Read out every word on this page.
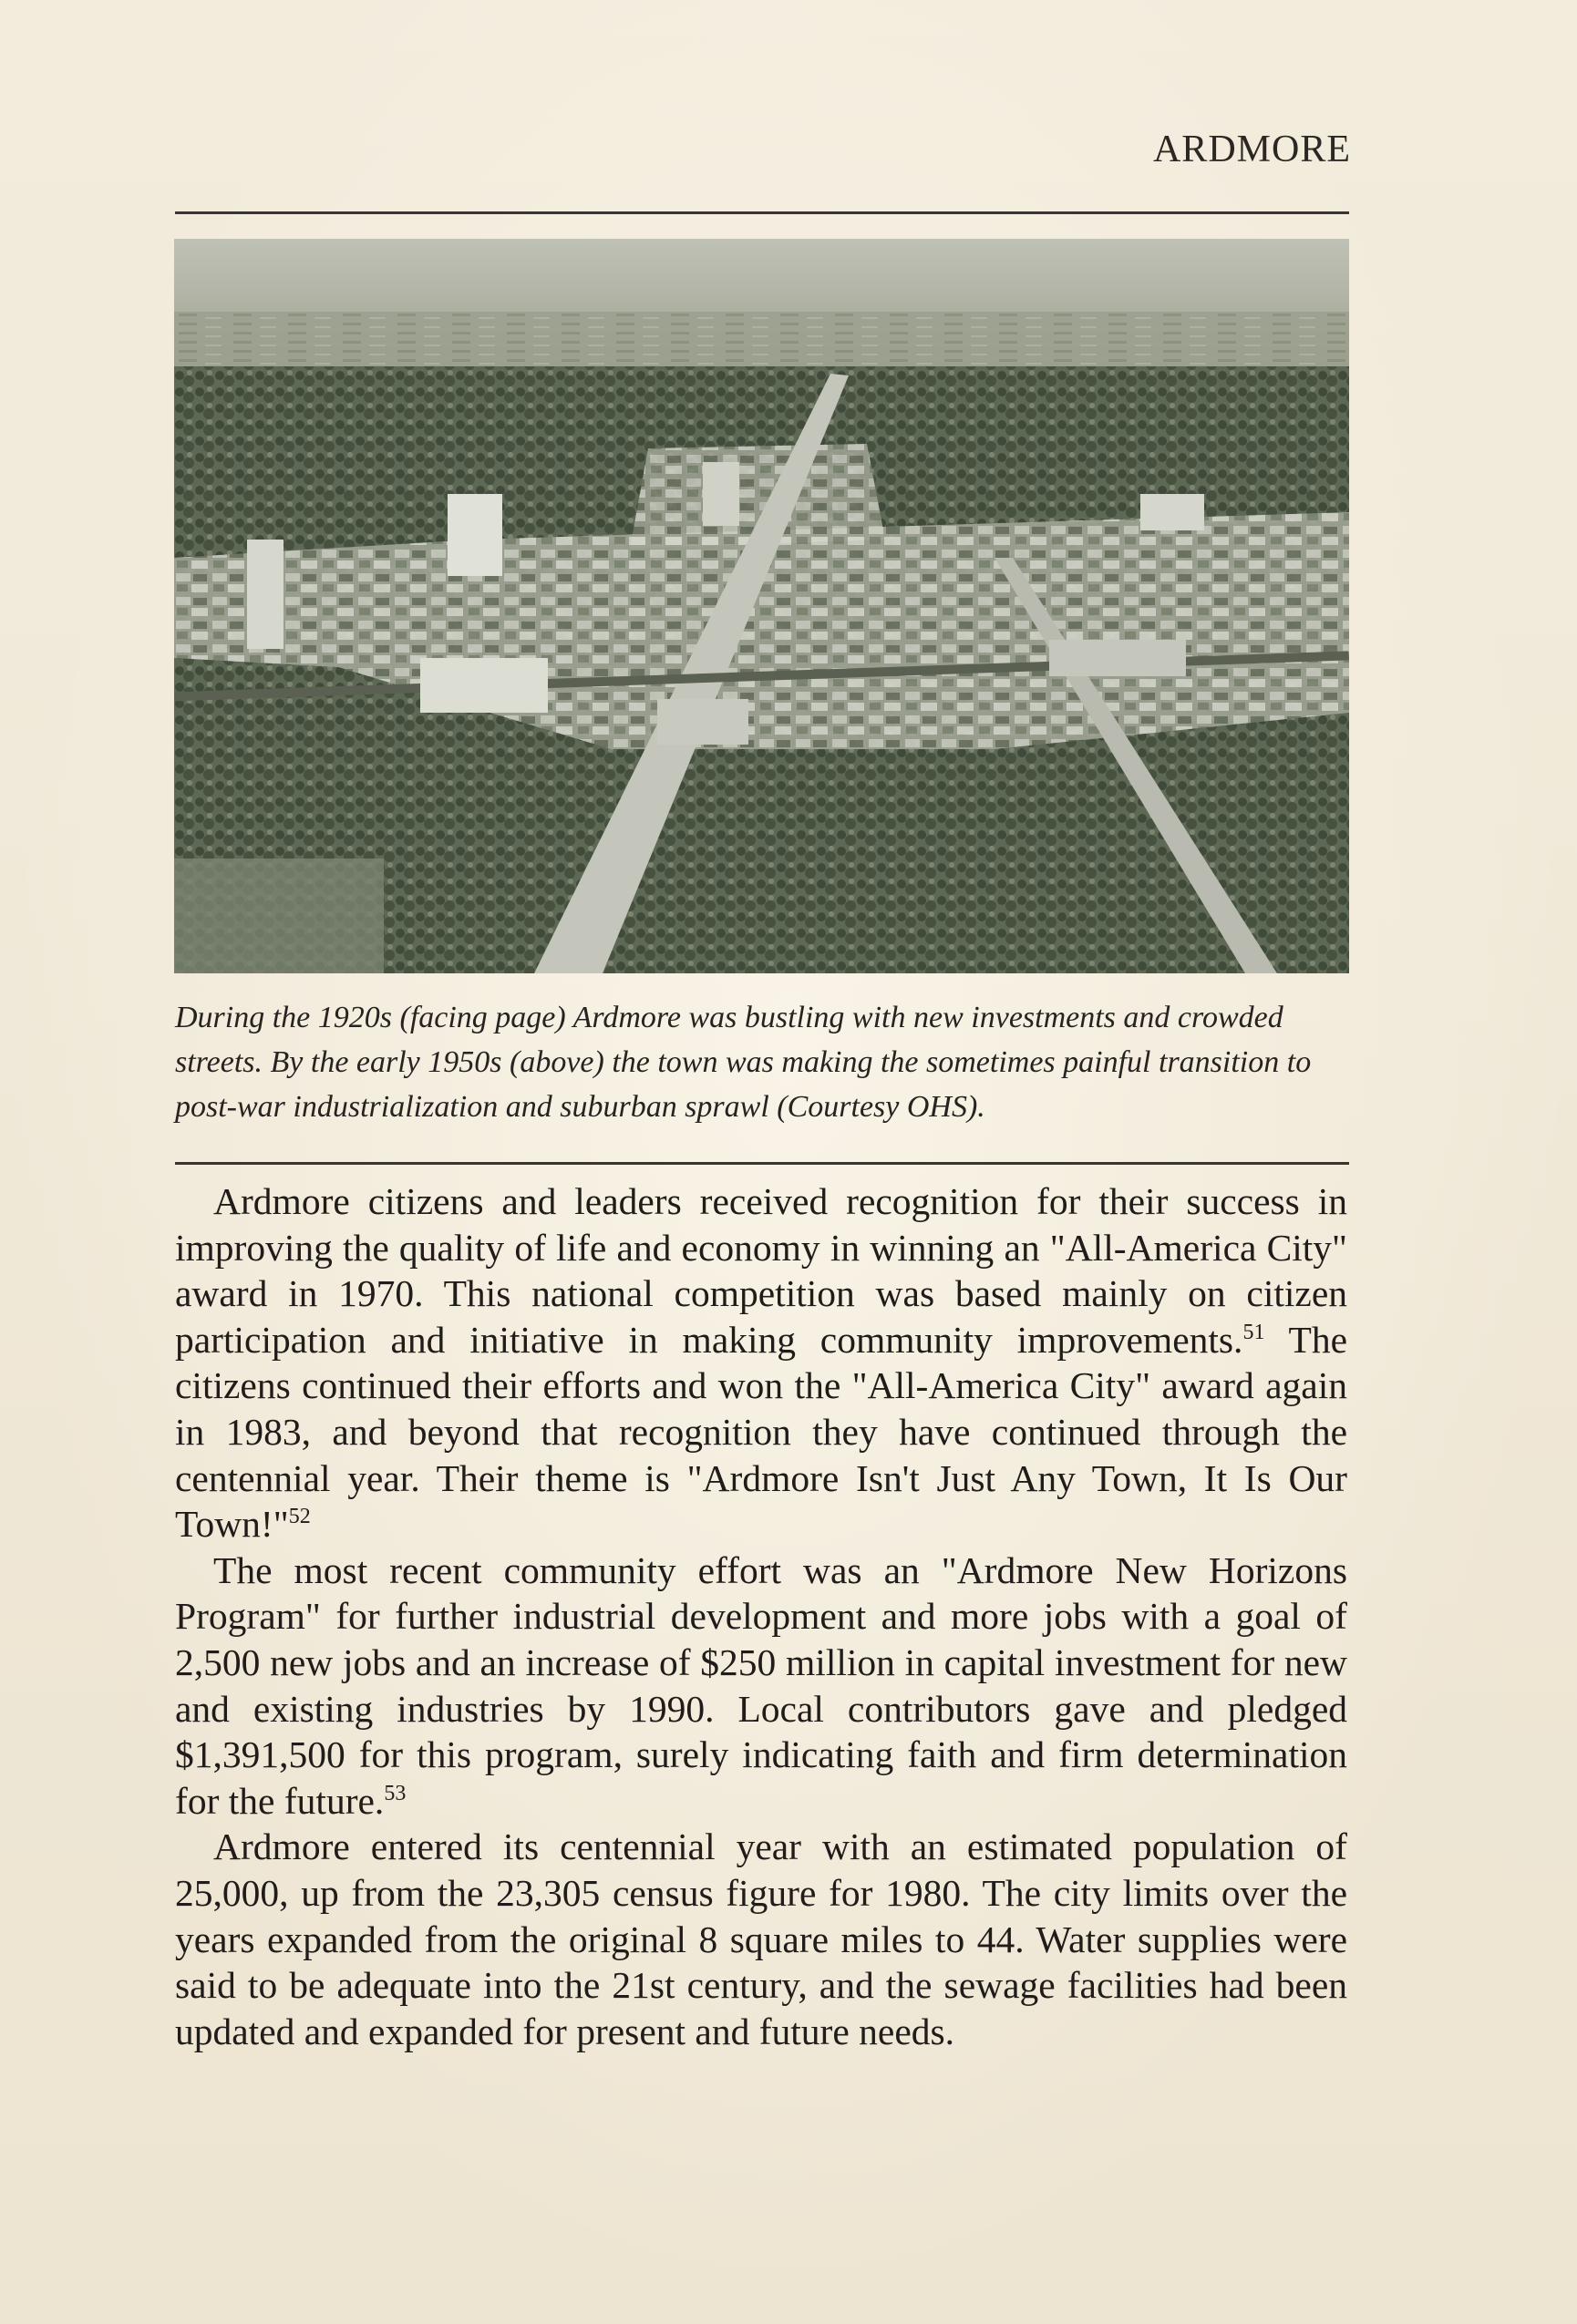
ARDMORE

During the 1920s (facing page) Ardmore was bustling with new investments and crowded streets. By the early 1950s (above) the town was making the sometimes painful transition to post-war industrialization and suburban sprawl (Courtesy OHS).

Ardmore citizens and leaders received recognition for their success in improving the quality of life and economy in winning an "All-America City" award in 1970. This national competition was based mainly on citizen participation and initiative in making community improvements.$^{51}$ The citizens continued their efforts and won the "All-America City" award again in 1983, and beyond that recognition they have continued through the centennial year. Their theme is "Ardmore Isn't Just Any Town, It Is Our Town!"$^{52}$

The most recent community effort was an "Ardmore New Horizons Program" for further industrial development and more jobs with a goal of 2,500 new jobs and an increase of $250 million in capital investment for new and existing industries by 1990. Local contributors gave and pledged $1,391,500 for this program, surely indicating faith and firm determination for the future.$^{53}$

Ardmore entered its centennial year with an estimated population of 25,000, up from the 23,305 census figure for 1980. The city limits over the years expanded from the original 8 square miles to 44. Water supplies were said to be adequate into the 21st century, and the sewage facilities had been updated and expanded for present and future needs.
